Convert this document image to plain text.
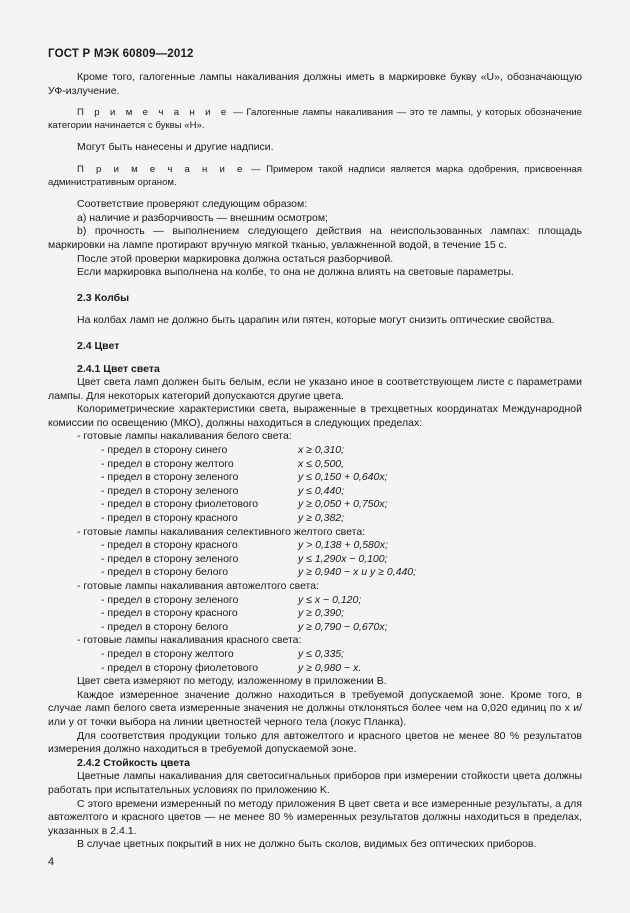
ГОСТ Р МЭК 60809—2012

Кроме того, галогенные лампы накаливания должны иметь в маркировке букву «U», обозначающую УФ-излучение.

П р и м е ч а н и е — Галогенные лампы накаливания — это те лампы, у которых обозначение категории начинается с буквы «H».

Могут быть нанесены и другие надписи.

П р и м е ч а н и е — Примером такой надписи является марка одобрения, присвоенная административным органом.

Соответствие проверяют следующим образом:

а) наличие и разборчивость — внешним осмотром;

b) прочность — выполнением следующего действия на неиспользованных лампах: площадь маркировки на лампе протирают вручную мягкой тканью, увлажненной водой, в течение 15 с.

После этой проверки маркировка должна остаться разборчивой.

Если маркировка выполнена на колбе, то она не должна влиять на световые параметры.

2.3 Колбы

На колбах ламп не должно быть царапин или пятен, которые могут снизить оптические свойства.

2.4 Цвет

2.4.1 Цвет света

Цвет света ламп должен быть белым, если не указано иное в соответствующем листе с параметрами лампы. Для некоторых категорий допускаются другие цвета.

Колориметрические характеристики света, выраженные в трехцветных координатах Международной комиссии по освещению (МКО), должны находиться в следующих пределах:

- готовые лампы накаливания белого света:

- предел в сторону синего	x ≥ 0,310;
- предел в сторону желтого	x ≤ 0,500,
- предел в сторону зеленого	y ≤ 0,150 + 0,640x;
- предел в сторону зеленого	y ≤ 0,440;
- предел в сторону фиолетового	y ≥ 0,050 + 0,750x;
- предел в сторону красного	y ≥ 0,382;

- готовые лампы накаливания селективного желтого света:

- предел в сторону красного	y > 0,138 + 0,580x;
- предел в сторону зеленого	y ≤ 1,290x − 0,100;
- предел в сторону белого	y ≥ 0,940 − x и y ≥ 0,440;

- готовые лампы накаливания автожелтого света:

- предел в сторону зеленого	y ≤ x − 0,120;
- предел в сторону красного	y ≥ 0,390;
- предел в сторону белого	y ≥ 0,790 − 0,670x;

- готовые лампы накаливания красного света:

- предел в сторону желтого	y ≤ 0,335;
- предел в сторону фиолетового	y ≥ 0,980 − x.

Цвет света измеряют по методу, изложенному в приложении B.

Каждое измеренное значение должно находиться в требуемой допускаемой зоне. Кроме того, в случае ламп белого света измеренные значения не должны отклоняться более чем на 0,020 единиц по x и/или y от точки выбора на линии цветностей черного тела (локус Планка).

Для соответствия продукции только для автожелтого и красного цветов не менее 80 % результатов измерения должно находиться в требуемой допускаемой зоне.

2.4.2 Стойкость цвета

Цветные лампы накаливания для светосигнальных приборов при измерении стойкости цвета должны работать при испытательных условиях по приложению K.

С этого времени измеренный по методу приложения B цвет света и все измеренные результаты, а для автожелтого и красного цветов — не менее 80 % измеренных результатов должны находиться в пределах, указанных в 2.4.1.

В случае цветных покрытий в них не должно быть сколов, видимых без оптических приборов.

4
